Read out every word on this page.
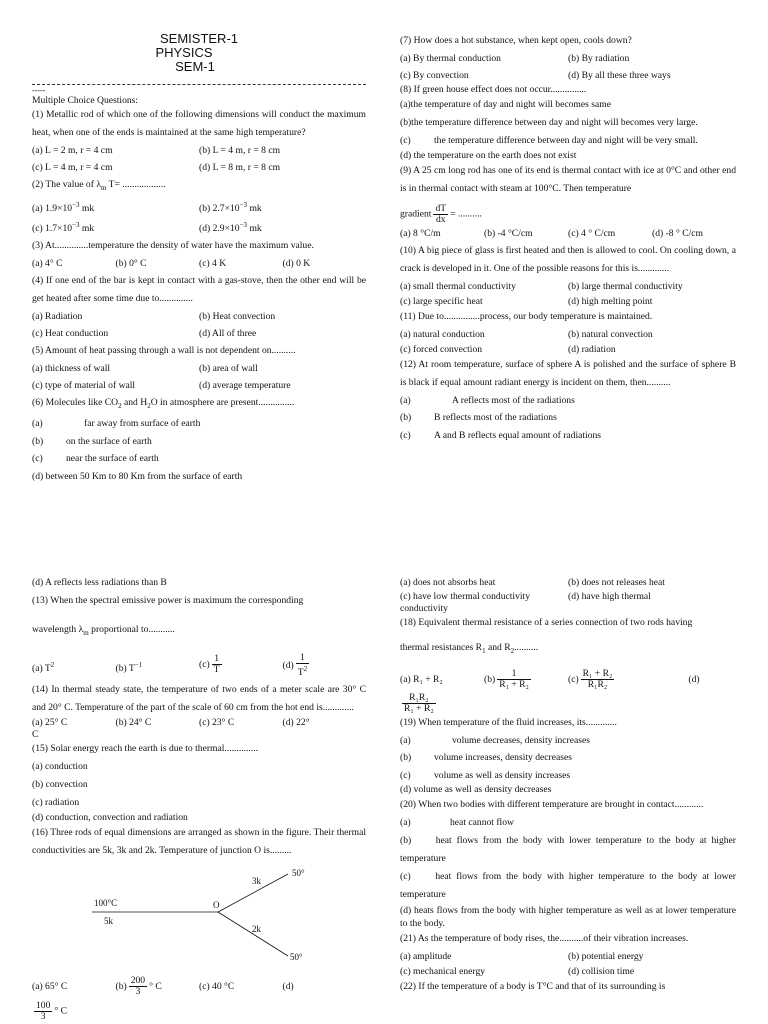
SEMISTER-1
PHYSICS
SEM-1
-----
Multiple Choice Questions:
(1) Metallic rod of which one of the following dimensions will conduct the maximum heat, when one of the ends is maintained at the same high temperature?
(a) L = 2 m, r = 4 cm	(b) L = 4 m, r = 8 cm
(c) L = 4 m, r = 4 cm	(d) L = 8 m, r = 8 cm
(2) The value of $\lambda_m$ T= ..................
(a) $1.9\times 10^{-3}$ mk	(b) $2.7\times 10^{-3}$ mk
(c) $1.7\times 10^{-3}$ mk	(d) $2.9\times 10^{-3}$ mk
(3) At..............temperature the density of water have the maximum value.
(a) 4° C	(b) 0° C	(c) 4 K	(d) 0 K
(4) If one end of the bar is kept in contact with a gas-stove, then the other end will be get heated after some time due to..............
(a) Radiation	(b) Heat convection
(c) Heat conduction	(d) All of three
(5) Amount of heat passing through a wall is not dependent on..........
(a) thickness of wall	(b) area of wall
(c) type of material of wall	(d) average temperature
(6) Molecules like $CO_2$ and $H_2O$ in atmosphere are present...............
(a)	far away from surface of earth
(b)	on the surface of earth
(c)	near the surface of earth
(d) between 50 Km to 80 Km from the surface of earth
(7) How does a hot substance, when kept open, cools down?
(a) By thermal conduction	(b) By radiation
(c) By convection	(d) By all these three ways
(8) If green house effect does not occur...............
(a)the temperature of day and night will becomes same
(b)the temperature difference between day and night will becomes very large.
(c)	the temperature difference between day and night will be very small.
(d) the temperature on the earth does not exist
(9) A 25 cm long rod has one of its end is thermal contact with ice at 0°C and other end is in thermal contact with steam at 100°C. Then temperature
gradient $\frac{dT}{dx}$ = ..........
(a) 8 °C/m	(b) -4 °C/cm	(c) 4 ° C/cm	(d) -8 ° C/cm
(10) A big piece of glass is first heated and then is allowed to cool. On cooling down, a crack is developed in it. One of the possible reasons for this is.............
(a) small thermal conductivity	(b) large thermal conductivity
(c) large specific heat	(d) high melting point
(11) Due to...............process, our body temperature is maintained.
(a) natural conduction	(b) natural convection
(c) forced convection	(d) radiation
(12) At room temperature, surface of sphere A is polished and the surface of sphere B is black if equal amount radiant energy is incident on them, then..........
(a)	A reflects most of the radiations
(b)	B reflects most of the radiations
(c)	A and B reflects equal amount of radiations
(d) A reflects less radiations than B
(13) When the spectral emissive power is maximum the corresponding
wavelength $\lambda_m$ proportional to...........
(a) $T^2$	(b) $T^{-1}$	$(c) \frac{1}{T}$	$(d) \frac{1}{T^2}$
(14) In thermal steady state, the temperature of two ends of a meter scale are 30° C and 20° C. Temperature of the part of the scale of 60 cm from the hot end is.............
(a) 25° C	(b) 24° C	(c) 23° C	(d) 22°
C
(15) Solar energy reach the earth is due to thermal..............
(a) conduction
(b) convection
(c) radiation
(d) conduction, convection and radiation
(16) Three rods of equal dimensions are arranged as shown in the figure. Their thermal conductivities are 5k, 3k and 2k. Temperature of junction O is.........
100°C
5k
O
3k
2k
50°
50°
(a) 65° C	$(b) \frac{200}{3}$ ° C	(c) 40 °C	(d)
$\frac{100}{3}$ ° C
(a) does not absorbs heat	(b) does not releases heat
(c) have low thermal conductivity	(d) have high thermal
conductivity
(18) Equivalent thermal resistance of a series connection of two rods having
thermal resistances $R_1$ and $R_2$..........
(a) R₁ + R₂	$(b) \frac{1}{\text{R₁ + R₂}}$	$(c) \frac{\text{R₁ + R₂}}{\text{R₁R₂}}$	(d)
$\frac{\text{R₁R₂}}{\text{R₁ + R₂}}$
(19) When temperature of the fluid increases, its.............
(a)	volume decreases, density increases
(b)	volume increases, density decreases
(c)	volume as well as density increases
(d) volume as well as density decreases
(20) When two bodies with different temperature are brought in contact............
(a)	heat cannot flow
(b)	heat flows from the body with lower temperature to the body at higher temperature
(c)	heat flows from the body with higher temperature to the body at lower temperature
(d) heats flows from the body with higher temperature as well as at lower temperature to the body.
(21) As the temperature of body rises, the..........of their vibration increases.
(a) amplitude	(b) potential energy
(c) mechanical energy	(d) collision time
(22) If the temperature of a body is T°C and that of its surrounding is
